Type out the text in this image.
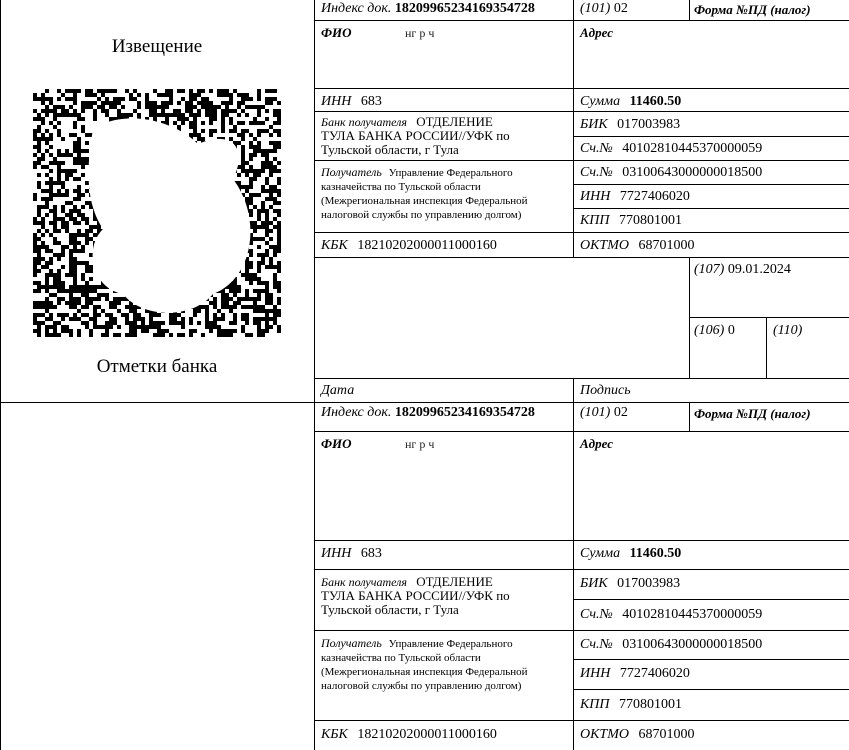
Извещение
Отметки банка
Индекс док. 18209965234169354728	(101) 02	Форма №ПД (налог)
ФИО	нг р ч	Адрес
ИНН 683	Сумма 11460.50
Банк получателя ОТДЕЛЕНИЕ
ТУЛА БАНКА РОССИИ//УФК по
Тульской области, г Тула
БИК 017003983
Сч.№ 40102810445370000059
Получатель Управление Федерального
казначейства по Тульской области
(Межрегиональная инспекция Федеральной
налоговой службы по управлению долгом)
Сч.№ 03100643000000018500
ИНН 7727406020
КПП 770801001
КБК 18210202000011000160	ОКТМО 68701000
(107) 09.01.2024
(106) 0	(110)
Дата	Подпись
Индекс док. 18209965234169354728	(101) 02	Форма №ПД (налог)
ФИО	нг р ч	Адрес
ИНН 683	Сумма 11460.50
Банк получателя ОТДЕЛЕНИЕ
ТУЛА БАНКА РОССИИ//УФК по
Тульской области, г Тула
БИК 017003983
Сч.№ 40102810445370000059
Получатель Управление Федерального
казначейства по Тульской области
(Межрегиональная инспекция Федеральной
налоговой службы по управлению долгом)
Сч.№ 03100643000000018500
ИНН 7727406020
КПП 770801001
КБК 18210202000011000160	ОКТМО 68701000
